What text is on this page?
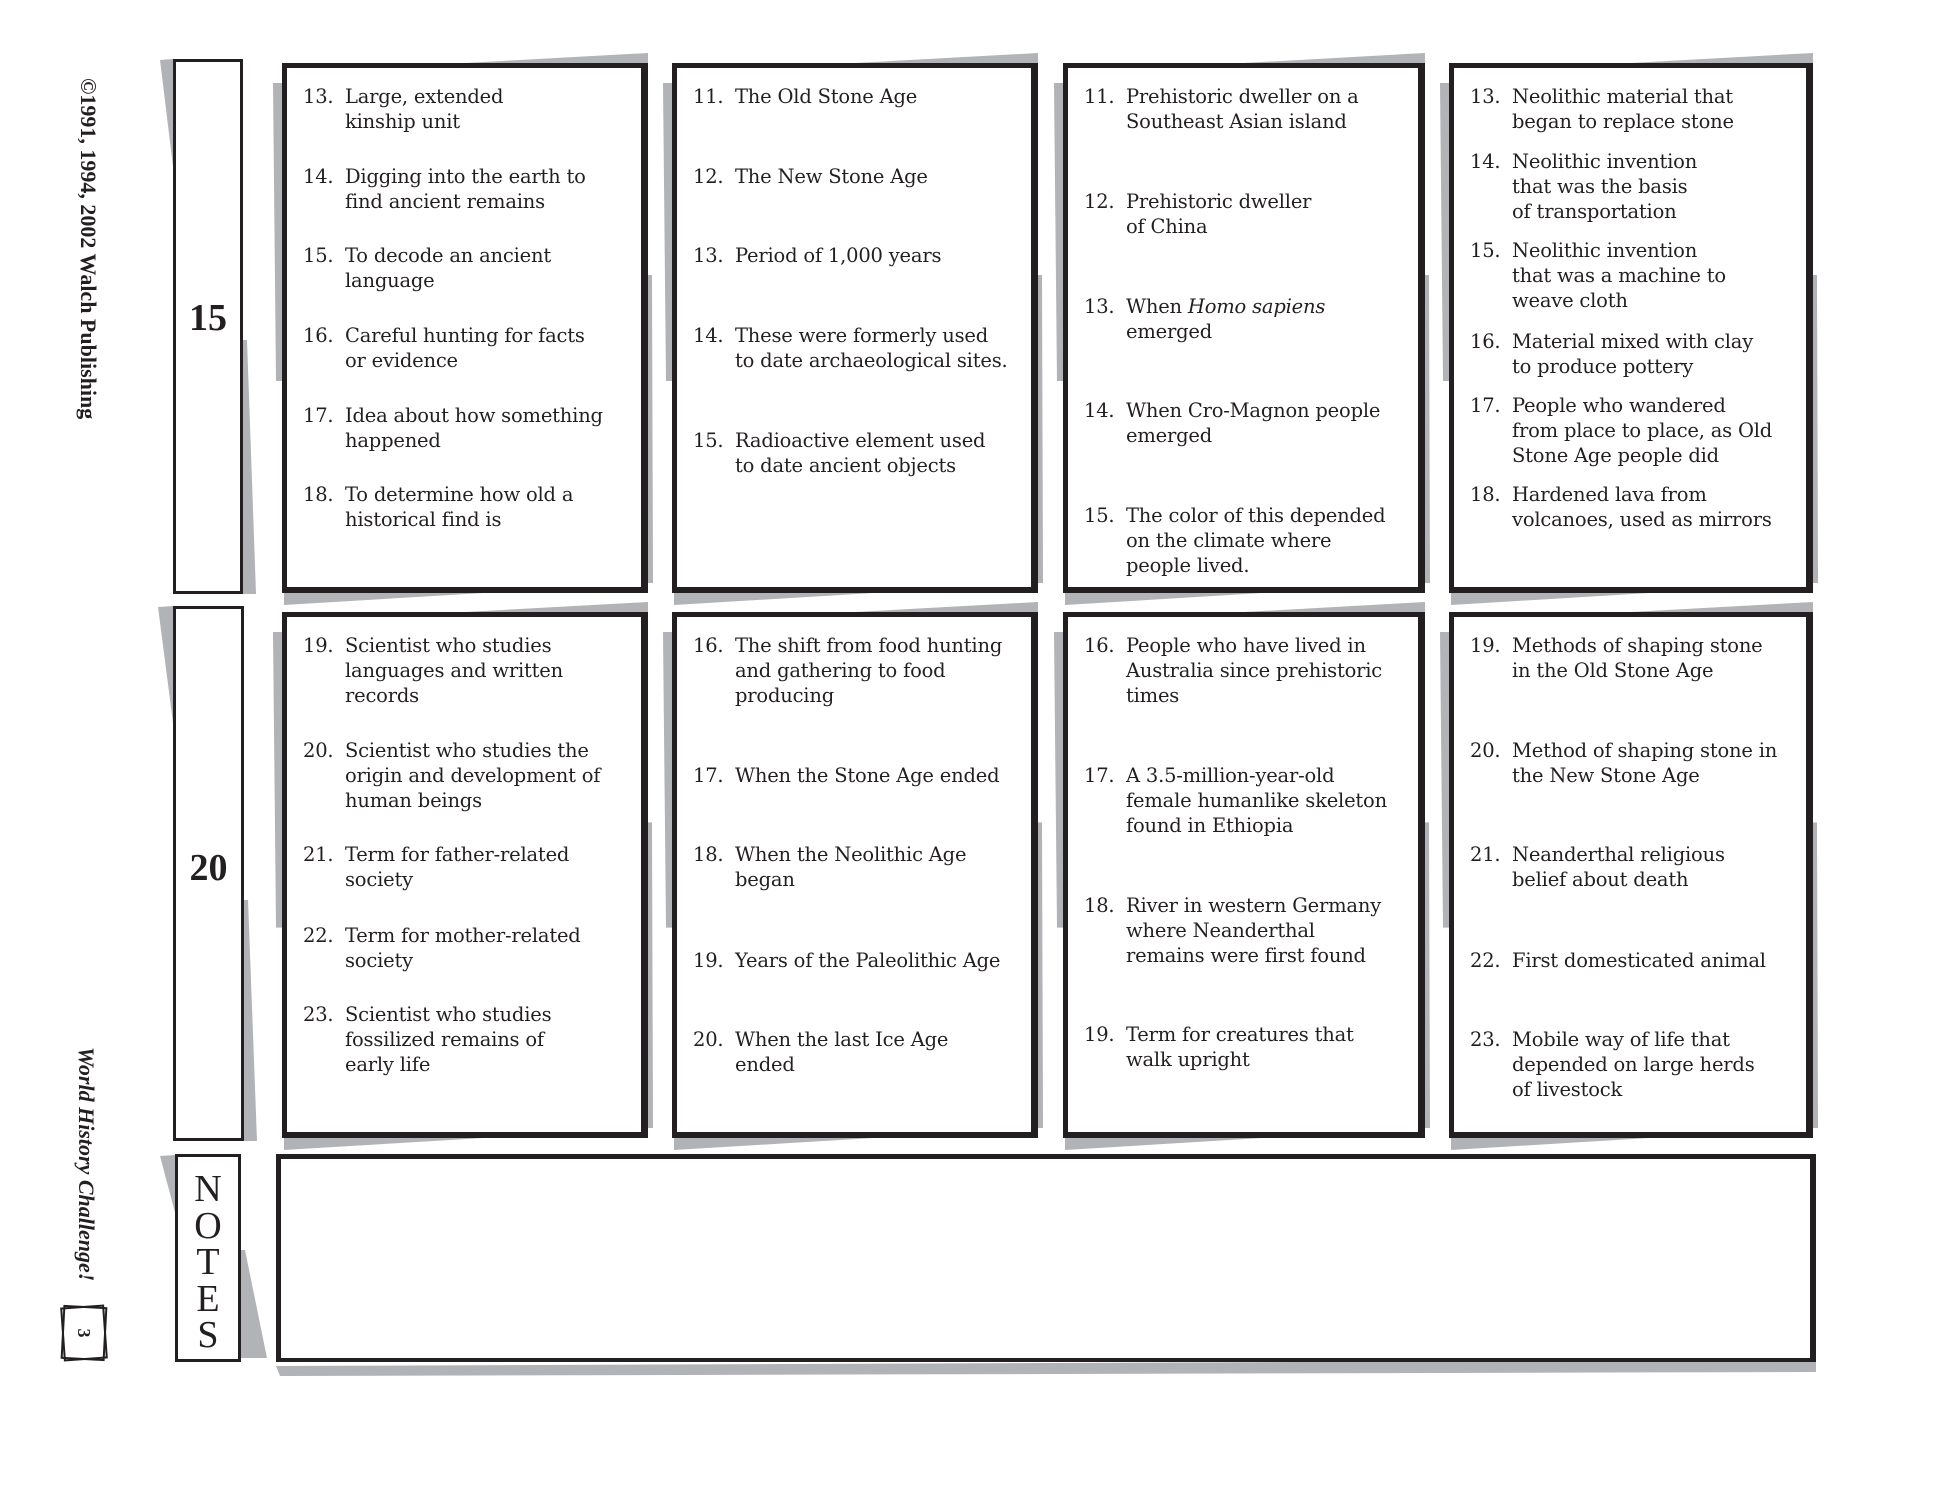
©1991, 1994, 2002 Walch Publishing
World History Challenge!
3
15
20
N
O
T
E
S
13. Large, extended
kinship unit
14. Digging into the earth to
find ancient remains
15. To decode an ancient
language
16. Careful hunting for facts
or evidence
17. Idea about how something
happened
18. To determine how old a
historical find is
11. The Old Stone Age
12. The New Stone Age
13. Period of 1,000 years
14. These were formerly used
to date archaeological sites.
15. Radioactive element used
to date ancient objects
11. Prehistoric dweller on a
Southeast Asian island
12. Prehistoric dweller
of China
13. When Homo sapiens
emerged
14. When Cro-Magnon people
emerged
15. The color of this depended
on the climate where
people lived.
13. Neolithic material that
began to replace stone
14. Neolithic invention
that was the basis
of transportation
15. Neolithic invention
that was a machine to
weave cloth
16. Material mixed with clay
to produce pottery
17. People who wandered
from place to place, as Old
Stone Age people did
18. Hardened lava from
volcanoes, used as mirrors
19. Scientist who studies
languages and written
records
20. Scientist who studies the
origin and development of
human beings
21. Term for father-related
society
22. Term for mother-related
society
23. Scientist who studies
fossilized remains of
early life
16. The shift from food hunting
and gathering to food
producing
17. When the Stone Age ended
18. When the Neolithic Age
began
19. Years of the Paleolithic Age
20. When the last Ice Age
ended
16. People who have lived in
Australia since prehistoric
times
17. A 3.5-million-year-old
female humanlike skeleton
found in Ethiopia
18. River in western Germany
where Neanderthal
remains were first found
19. Term for creatures that
walk upright
19. Methods of shaping stone
in the Old Stone Age
20. Method of shaping stone in
the New Stone Age
21. Neanderthal religious
belief about death
22. First domesticated animal
23. Mobile way of life that
depended on large herds
of livestock
